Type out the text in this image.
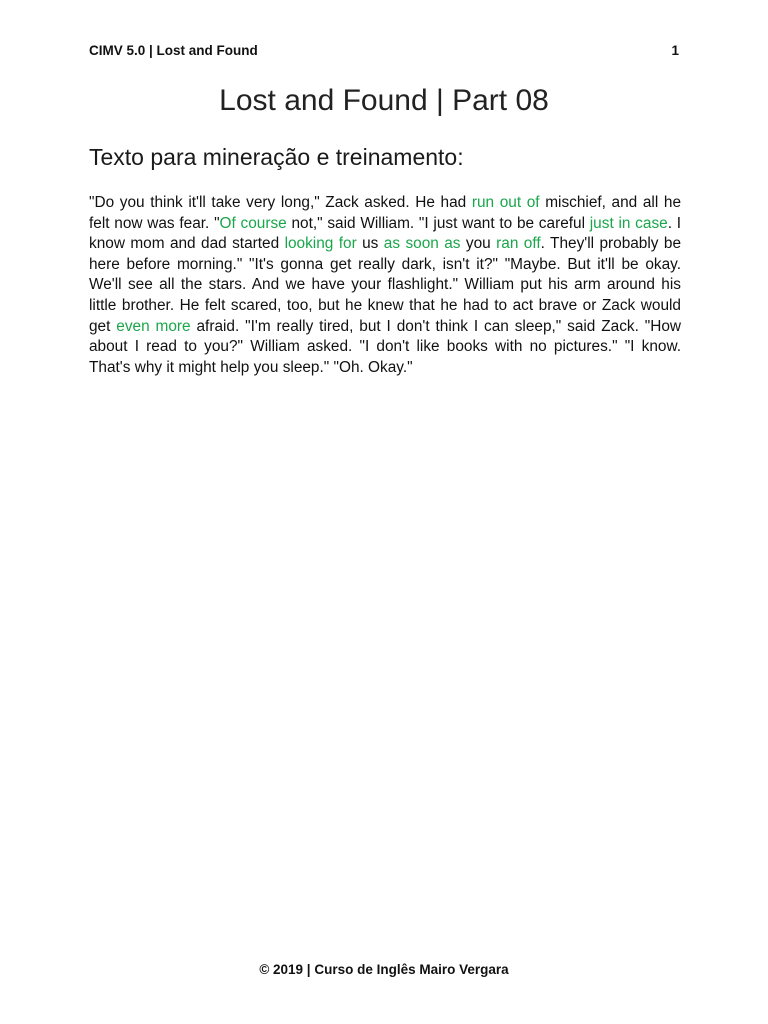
CIMV 5.0 | Lost and Found	1
Lost and Found | Part 08
Texto para mineração e treinamento:

"Do you think it'll take very long," Zack asked. He had run out of mischief, and all he felt now was fear. "Of course not," said William. "I just want to be careful just in case. I know mom and dad started looking for us as soon as you ran off. They'll probably be here before morning." "It's gonna get really dark, isn't it?" "Maybe. But it'll be okay. We'll see all the stars. And we have your flashlight." William put his arm around his little brother. He felt scared, too, but he knew that he had to act brave or Zack would get even more afraid. "I'm really tired, but I don't think I can sleep," said Zack. "How about I read to you?" William asked. "I don't like books with no pictures." "I know. That's why it might help you sleep." "Oh. Okay."

© 2019 | Curso de Inglês Mairo Vergara
